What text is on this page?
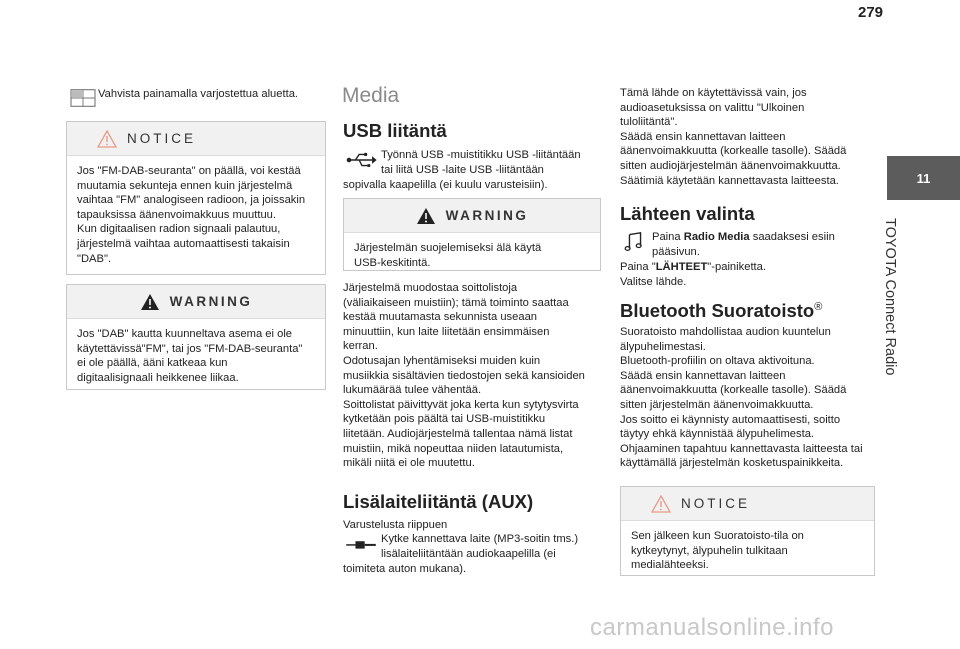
279
11
TOYOTA Connect Radio
Vahvista painamalla varjostettua aluetta.
NOTICE
Jos "FM-DAB-seuranta" on päällä, voi kestää
muutamia sekunteja ennen kuin järjestelmä
vaihtaa "FM" analogiseen radioon, ja joissakin
tapauksissa äänenvoimakkuus muuttuu.
Kun digitaalisen radion signaali palautuu,
järjestelmä vaihtaa automaattisesti takaisin
"DAB".
WARNING
Jos "DAB" kautta kuunneltava asema ei ole
käytettävissä"FM", tai jos "FM-DAB-seuranta"
ei ole päällä, ääni katkeaa kun
digitaalisignaali heikkenee liikaa.
Media
USB liitäntä
Työnnä USB -muistitikku USB -liitäntään
tai liitä USB -laite USB -liitäntään
sopivalla kaapelilla (ei kuulu varusteisiin).
WARNING
Järjestelmän suojelemiseksi älä käytä
USB-keskitintä.
Järjestelmä muodostaa soittolistoja
(väliaikaiseen muistiin); tämä toiminto saattaa
kestää muutamasta sekunnista useaan
minuuttiin, kun laite liitetään ensimmäisen
kerran.
Odotusajan lyhentämiseksi muiden kuin
musiikkia sisältävien tiedostojen sekä kansioiden
lukumäärää tulee vähentää.
Soittolistat päivittyvät joka kerta kun sytytysvirta
kytketään pois päältä tai USB-muistitikku
liitetään. Audiojärjestelmä tallentaa nämä listat
muistiin, mikä nopeuttaa niiden latautumista,
mikäli niitä ei ole muutettu.
Lisälaiteliitäntä (AUX)
Varustelusta riippuen
Kytke kannettava laite (MP3-soitin tms.)
lisälaiteliitäntään audiokaapelilla (ei
toimiteta auton mukana).
Tämä lähde on käytettävissä vain, jos
audioasetuksissa on valittu "Ulkoinen
tuloliitäntä".
Säädä ensin kannettavan laitteen
äänenvoimakkuutta (korkealle tasolle). Säädä
sitten audiojärjestelmän äänenvoimakkuutta.
Säätimiä käytetään kannettavasta laitteesta.
Lähteen valinta
Paina Radio Media saadaksesi esiin
pääsivun.
Paina "LÄHTEET"-painiketta.
Valitse lähde.
Bluetooth Suoratoisto®
Suoratoisto mahdollistaa audion kuuntelun
älypuhelimestasi.
Bluetooth-profiilin on oltava aktivoituna.
Säädä ensin kannettavan laitteen
äänenvoimakkuutta (korkealle tasolle). Säädä
sitten järjestelmän äänenvoimakkuutta.
Jos soitto ei käynnisty automaattisesti, soitto
täytyy ehkä käynnistää älypuhelimesta.
Ohjaaminen tapahtuu kannettavasta laitteesta tai
käyttämällä järjestelmän kosketuspainikkeita.
NOTICE
Sen jälkeen kun Suoratoisto-tila on
kytkeytynyt, älypuhelin tulkitaan
medialähteeksi.
carmanualsonline.info
